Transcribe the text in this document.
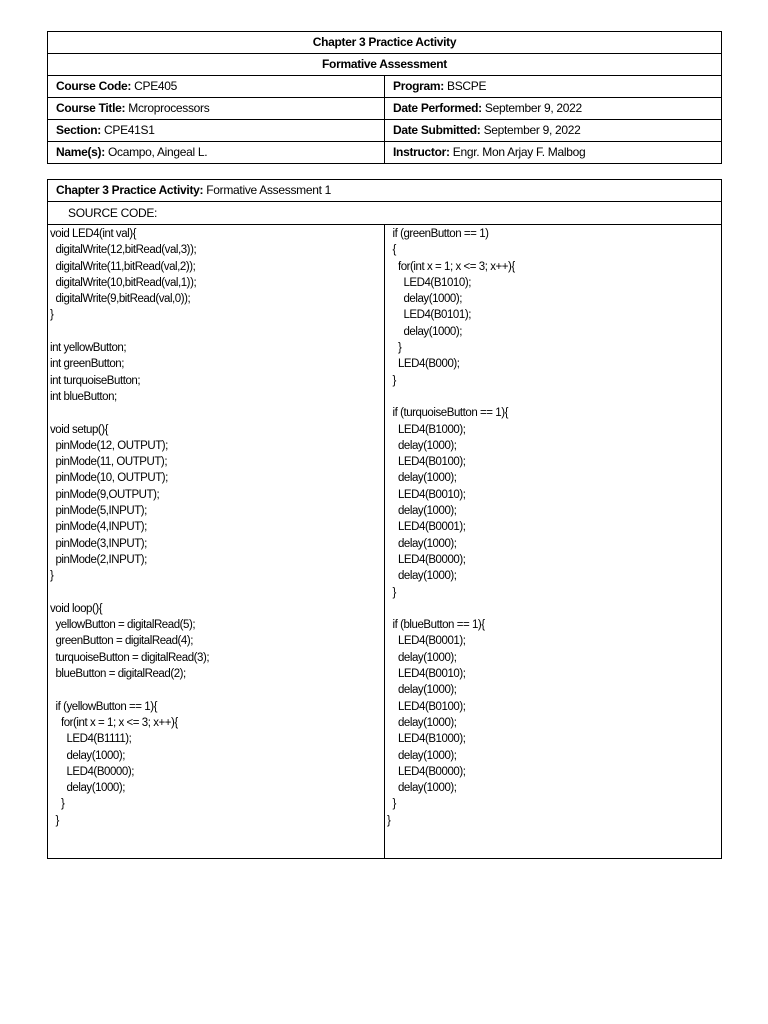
Chapter 3 Practice Activity	
Formative Assessment	
Course Code: CPE405	Program: BSCPE
Course Title: Mcroprocessors	Date Performed: September 9, 2022
Section: CPE41S1	Date Submitted: September 9, 2022
Name(s): Ocampo, Aingeal L.	Instructor: Engr. Mon Arjay F. Malbog
Chapter 3 Practice Activity: Formative Assessment 1
SOURCE CODE:

void LED4(int val){
digitalWrite(12,bitRead(val,3));
digitalWrite(11,bitRead(val,2));
digitalWrite(10,bitRead(val,1));
digitalWrite(9,bitRead(val,0));
}

int yellowButton;
int greenButton;
int turquoiseButton;
int blueButton;

void setup(){
pinMode(12, OUTPUT);
pinMode(11, OUTPUT);
pinMode(10, OUTPUT);
pinMode(9,OUTPUT);
pinMode(5,INPUT);
pinMode(4,INPUT);
pinMode(3,INPUT);
pinMode(2,INPUT);
}

void loop(){
yellowButton = digitalRead(5);
greenButton = digitalRead(4);
turquoiseButton = digitalRead(3);
blueButton = digitalRead(2);

if (yellowButton == 1){
for(int x = 1; x <= 3; x++){
LED4(B1111);
delay(1000);
LED4(B0000);
delay(1000);
}
}

if (greenButton == 1)
{
for(int x = 1; x <= 3; x++){
LED4(B1010);
delay(1000);
LED4(B0101);
delay(1000);
}
LED4(B000);
}

if (turquoiseButton == 1){
LED4(B1000);
delay(1000);
LED4(B0100);
delay(1000);
LED4(B0010);
delay(1000);
LED4(B0001);
delay(1000);
LED4(B0000);
delay(1000);
}

if (blueButton == 1){
LED4(B0001);
delay(1000);
LED4(B0010);
delay(1000);
LED4(B0100);
delay(1000);
LED4(B1000);
delay(1000);
LED4(B0000);
delay(1000);
}
}
